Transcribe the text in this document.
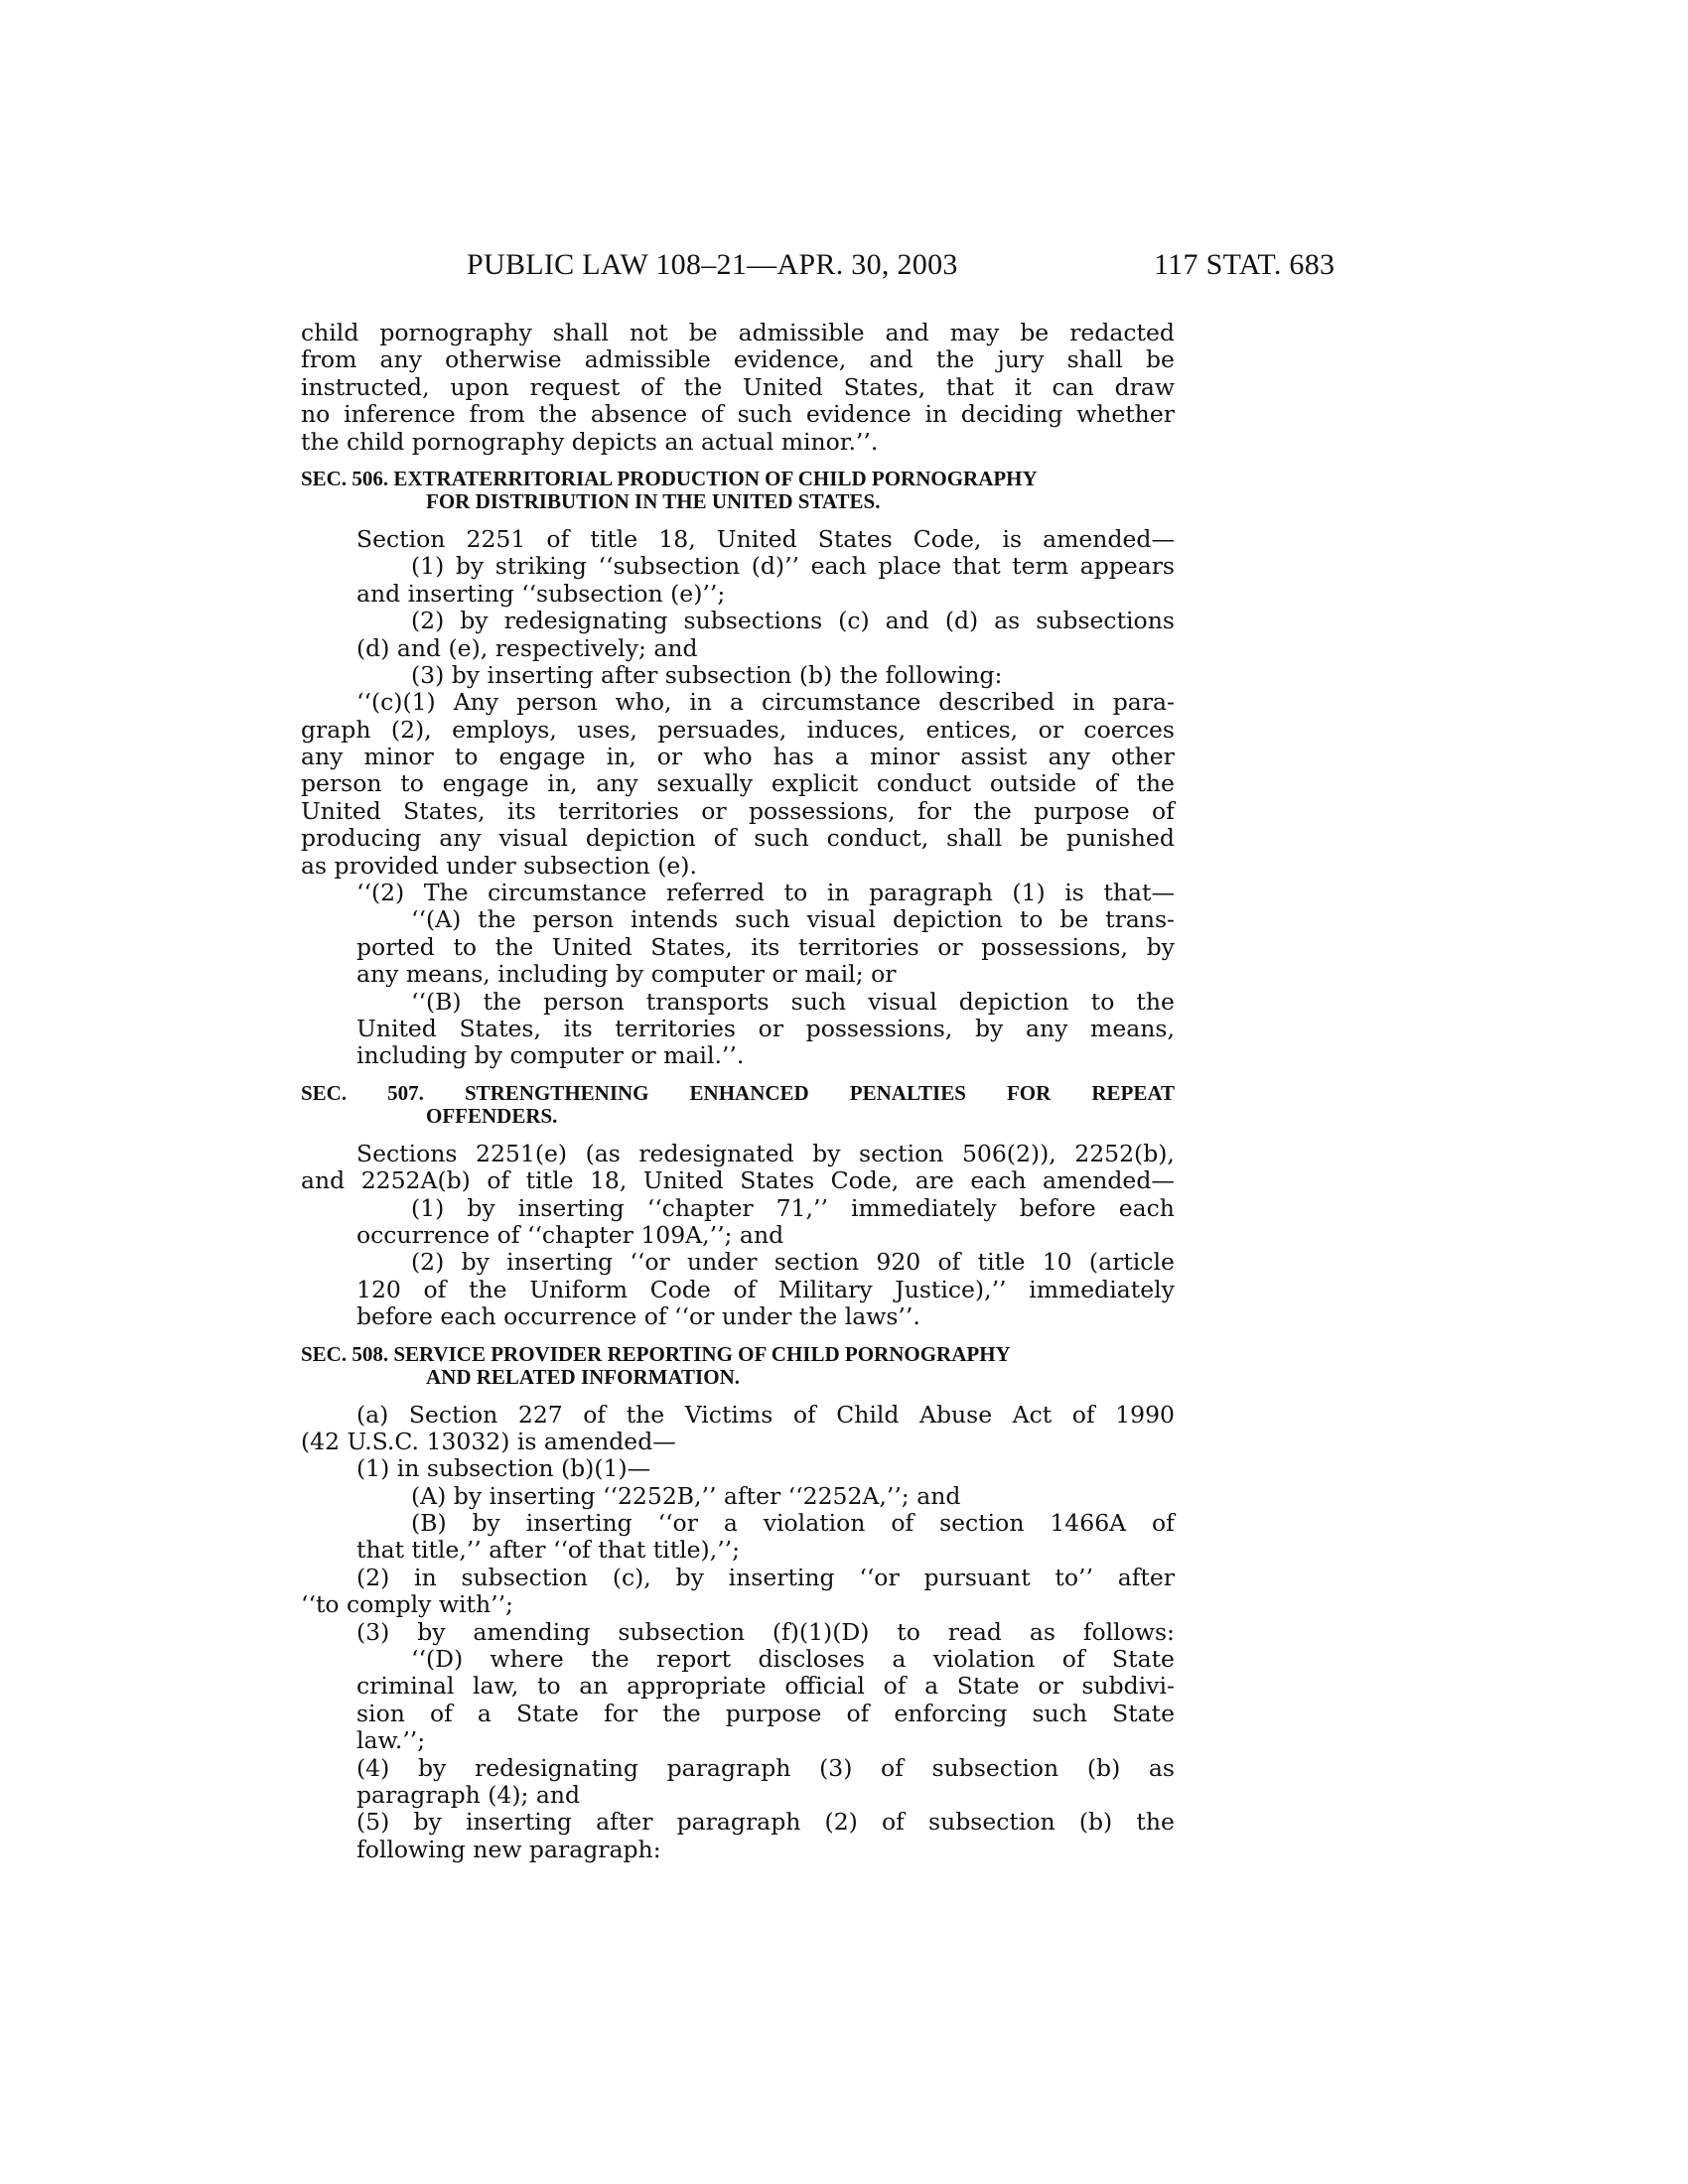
PUBLIC LAW 108–21—APR. 30, 2003	117 STAT. 683
child pornography shall not be admissible and may be redacted
from any otherwise admissible evidence, and the jury shall be
instructed, upon request of the United States, that it can draw
no inference from the absence of such evidence in deciding whether
the child pornography depicts an actual minor.’’.
SEC. 506. EXTRATERRITORIAL PRODUCTION OF CHILD PORNOGRAPHY
FOR DISTRIBUTION IN THE UNITED STATES.
Section 2251 of title 18, United States Code, is amended—
(1) by striking ‘‘subsection (d)’’ each place that term appears
and inserting ‘‘subsection (e)’’;
(2) by redesignating subsections (c) and (d) as subsections
(d) and (e), respectively; and
(3) by inserting after subsection (b) the following:
‘‘(c)(1) Any person who, in a circumstance described in para-
graph (2), employs, uses, persuades, induces, entices, or coerces
any minor to engage in, or who has a minor assist any other
person to engage in, any sexually explicit conduct outside of the
United States, its territories or possessions, for the purpose of
producing any visual depiction of such conduct, shall be punished
as provided under subsection (e).
‘‘(2) The circumstance referred to in paragraph (1) is that—
‘‘(A) the person intends such visual depiction to be trans-
ported to the United States, its territories or possessions, by
any means, including by computer or mail; or
‘‘(B) the person transports such visual depiction to the
United States, its territories or possessions, by any means,
including by computer or mail.’’.
SEC. 507. STRENGTHENING ENHANCED PENALTIES FOR REPEAT
OFFENDERS.
Sections 2251(e) (as redesignated by section 506(2)), 2252(b),
and 2252A(b) of title 18, United States Code, are each amended—
(1) by inserting ‘‘chapter 71,’’ immediately before each
occurrence of ‘‘chapter 109A,’’; and
(2) by inserting ‘‘or under section 920 of title 10 (article
120 of the Uniform Code of Military Justice),’’ immediately
before each occurrence of ‘‘or under the laws’’.
SEC. 508. SERVICE PROVIDER REPORTING OF CHILD PORNOGRAPHY
AND RELATED INFORMATION.
(a) Section 227 of the Victims of Child Abuse Act of 1990
(42 U.S.C. 13032) is amended—
(1) in subsection (b)(1)—
(A) by inserting ‘‘2252B,’’ after ‘‘2252A,’’; and
(B) by inserting ‘‘or a violation of section 1466A of
that title,’’ after ‘‘of that title),’’;
(2) in subsection (c), by inserting ‘‘or pursuant to’’ after
‘‘to comply with’’;
(3) by amending subsection (f)(1)(D) to read as follows:
‘‘(D) where the report discloses a violation of State
criminal law, to an appropriate official of a State or subdivi-
sion of a State for the purpose of enforcing such State
law.’’;
(4) by redesignating paragraph (3) of subsection (b) as
paragraph (4); and
(5) by inserting after paragraph (2) of subsection (b) the
following new paragraph:
